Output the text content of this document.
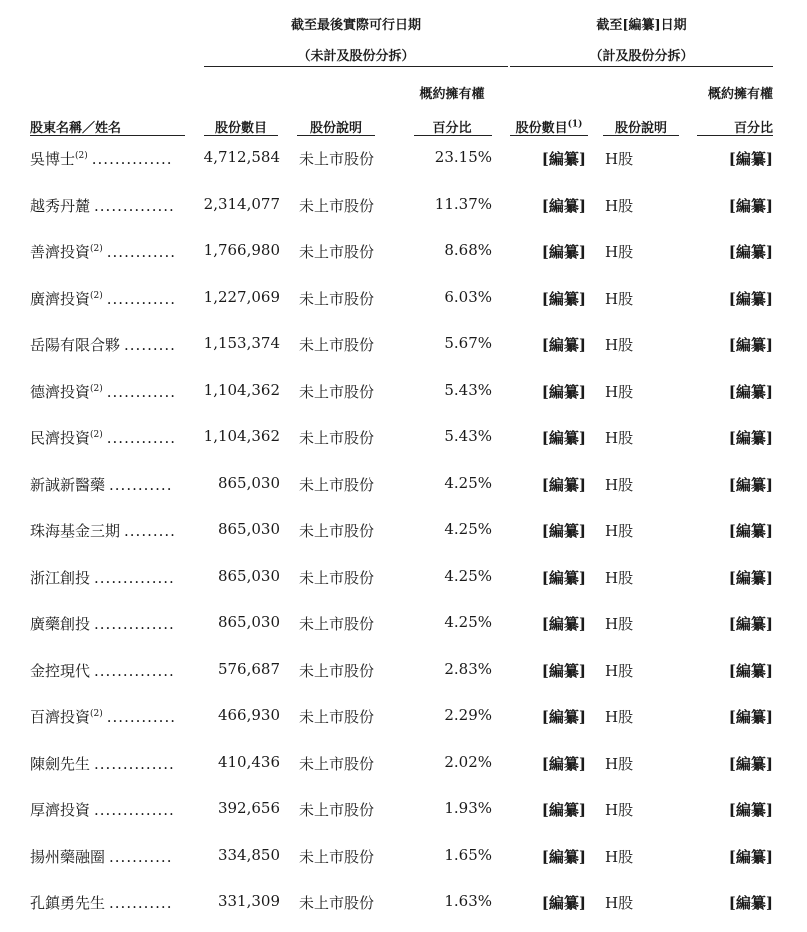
截至最後實際可行日期
（未計及股份分拆）
截至[編纂]日期
（計及股份分拆）
概約擁有權	概約擁有權
股東名稱／姓名	股份數目	股份說明	百分比	股份數目$^{(1)}$	股份說明	百分比
吳博士$^{(2)}$ ..............	4,712,584 未上市股份	23.15%	[編纂] H股	[編纂]
越秀丹麓 ..............	2,314,077 未上市股份	11.37%	[編纂] H股	[編纂]
善濟投資$^{(2)}$ ............	1,766,980 未上市股份	8.68%	[編纂] H股	[編纂]
廣濟投資$^{(2)}$ ............	1,227,069 未上市股份	6.03%	[編纂] H股	[編纂]
岳陽有限合夥 .........	1,153,374 未上市股份	5.67%	[編纂] H股	[編纂]
德濟投資$^{(2)}$ ............	1,104,362 未上市股份	5.43%	[編纂] H股	[編纂]
民濟投資$^{(2)}$ ............	1,104,362 未上市股份	5.43%	[編纂] H股	[編纂]
新誠新醫藥 ...........	865,030 未上市股份	4.25%	[編纂] H股	[編纂]
珠海基金三期 .........	865,030 未上市股份	4.25%	[編纂] H股	[編纂]
浙江創投 ..............	865,030 未上市股份	4.25%	[編纂] H股	[編纂]
廣藥創投 ..............	865,030 未上市股份	4.25%	[編纂] H股	[編纂]
金控現代 ..............	576,687 未上市股份	2.83%	[編纂] H股	[編纂]
百濟投資$^{(2)}$ ............	466,930 未上市股份	2.29%	[編纂] H股	[編纂]
陳劍先生 ..............	410,436 未上市股份	2.02%	[編纂] H股	[編纂]
厚濟投資 ..............	392,656 未上市股份	1.93%	[編纂] H股	[編纂]
揚州藥融圈 ...........	334,850 未上市股份	1.65%	[編纂] H股	[編纂]
孔鎮勇先生 ...........	331,309 未上市股份	1.63%	[編纂] H股	[編纂]
